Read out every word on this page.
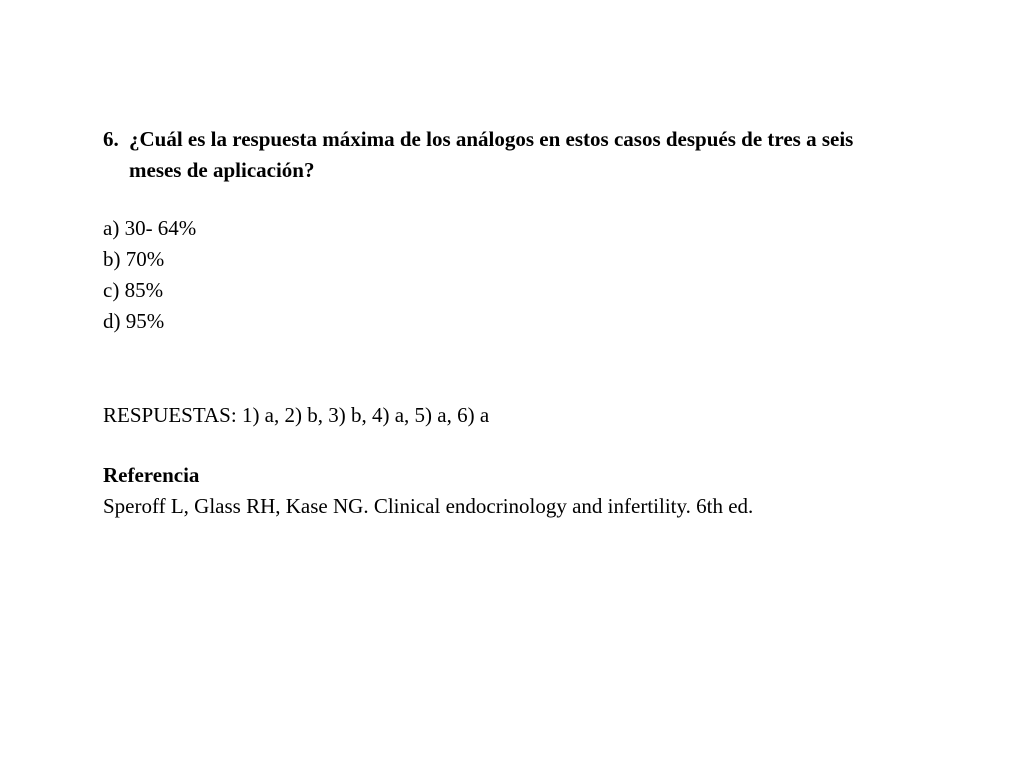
6. ¿Cuál es la respuesta máxima de los análogos en estos casos después de tres a seis
meses de aplicación?

a) 30- 64%
b) 70%
c) 85%
d) 95%

RESPUESTAS: 1) a, 2) b, 3) b, 4) a, 5) a, 6) a

Referencia

Speroff L, Glass RH, Kase NG. Clinical endocrinology and infertility. 6th ed.
